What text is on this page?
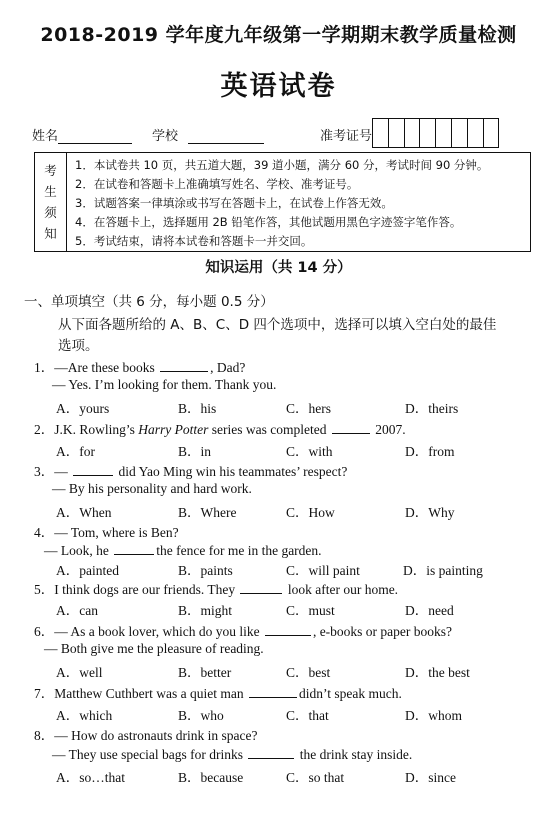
2018-2019 学年度九年级第一学期期末教学质量检测
英语试卷
姓名	学校	准考证号
考
生
须
知
1．本试卷共 10 页，共五道大题，39 道小题，满分 60 分，考试时间 90 分钟。
2．在试卷和答题卡上准确填写姓名、学校、准考证号。
3．试题答案一律填涂或书写在答题卡上，在试卷上作答无效。
4．在答题卡上，选择题用 2B 铅笔作答，其他试题用黑色字迹签字笔作答。
5．考试结束，请将本试卷和答题卡一并交回。
知识运用（共 14 分）
一、单项填空（共 6 分，每小题 0.5 分）
从下面各题所给的 A、B、C、D 四个选项中，选择可以填入空白处的最佳
选项。
1．—Are these books	, Dad?
— Yes. I’m looking for them. Thank you.
A．yours	B．his	C．hers	D．theirs
2．J.K. Rowling’s Harry Potter series was completed	2007.
A．for	B．in	C．with	D．from
3．—	did Yao Ming win his teammates’ respect?
— By his personality and hard work.
A．When	B．Where	C．How	D．Why
4．— Tom, where is Ben?
— Look, he	the fence for me in the garden.
A．painted	B．paints	C．will paint	D．is painting
5．I think dogs are our friends. They	look after our home.
A．can	B．might	C．must	D．need
6．— As a book lover, which do you like	, e-books or paper books?
— Both give me the pleasure of reading.
A．well	B．better	C．best	D．the best
7．Matthew Cuthbert was a quiet man	didn’t speak much.
A．which	B．who	C．that	D．whom
8．— How do astronauts drink in space?
— They use special bags for drinks	the drink stay inside.
A．so…that	B．because	C．so that	D．since
